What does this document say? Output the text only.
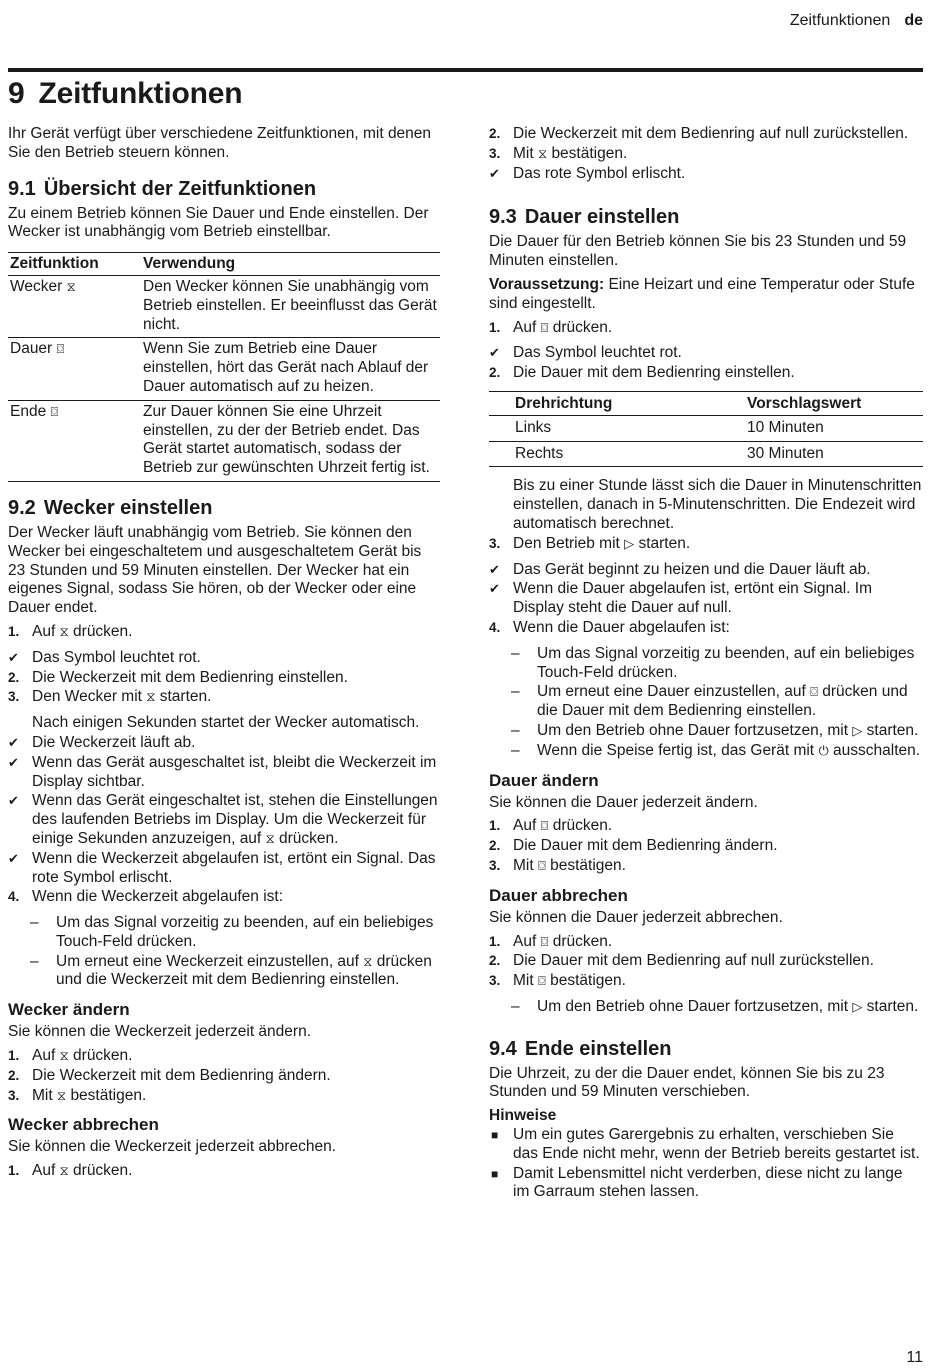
Zeitfunktionen de
9 Zeitfunktionen

Ihr Gerät verfügt über verschiedene Zeitfunktionen, mit denen Sie den Betrieb steuern können.

9.1 Übersicht der Zeitfunktionen

Zu einem Betrieb können Sie Dauer und Ende einstellen. Der Wecker ist unabhängig vom Betrieb einstellbar.

Zeitfunktion	Verwendung
Wecker ⧖	Den Wecker können Sie unabhängig vom Betrieb einstellen. Er beeinflusst das Gerät nicht.
Dauer ⌼	Wenn Sie zum Betrieb eine Dauer einstellen, hört das Gerät nach Ablauf der Dauer automatisch auf zu heizen.
Ende ⌼	Zur Dauer können Sie eine Uhrzeit einstellen, zu der der Betrieb endet. Das Gerät startet automatisch, sodass der Betrieb zur gewünschten Uhrzeit fertig ist.
9.2 Wecker einstellen

Der Wecker läuft unabhängig vom Betrieb. Sie können den Wecker bei eingeschaltetem und ausgeschaltetem Gerät bis 23 Stunden und 59 Minuten einstellen. Der Wecker hat ein eigenes Signal, sodass Sie hören, ob der Wecker oder eine Dauer endet.

1. Auf ⧖ drücken.
✔ Das Symbol leuchtet rot.
2. Die Weckerzeit mit dem Bedienring einstellen.
3. Den Wecker mit ⧖ starten.
Nach einigen Sekunden startet der Wecker automatisch.
✔ Die Weckerzeit läuft ab.
✔ Wenn das Gerät ausgeschaltet ist, bleibt die Weckerzeit im Display sichtbar.
✔ Wenn das Gerät eingeschaltet ist, stehen die Einstellungen des laufenden Betriebs im Display. Um die Weckerzeit für einige Sekunden anzuzeigen, auf ⧖ drücken.
✔ Wenn die Weckerzeit abgelaufen ist, ertönt ein Signal. Das rote Symbol erlischt.
4. Wenn die Weckerzeit abgelaufen ist:
– Um das Signal vorzeitig zu beenden, auf ein beliebiges Touch-Feld drücken.
– Um erneut eine Weckerzeit einzustellen, auf ⧖ drücken und die Weckerzeit mit dem Bedienring einstellen.
Wecker ändern

Sie können die Weckerzeit jederzeit ändern.

1. Auf ⧖ drücken.
2. Die Weckerzeit mit dem Bedienring ändern.
3. Mit ⧖ bestätigen.
Wecker abbrechen

Sie können die Weckerzeit jederzeit abbrechen.

1. Auf ⧖ drücken.
2. Die Weckerzeit mit dem Bedienring auf null zurückstellen.
3. Mit ⧖ bestätigen.
✔ Das rote Symbol erlischt.
9.3 Dauer einstellen

Die Dauer für den Betrieb können Sie bis 23 Stunden und 59 Minuten einstellen.

Voraussetzung: Eine Heizart und eine Temperatur oder Stufe sind eingestellt.

1. Auf ⌼ drücken.
✔ Das Symbol leuchtet rot.
2. Die Dauer mit dem Bedienring einstellen.
Drehrichtung	Vorschlagswert
Links	10 Minuten
Rechts	30 Minuten
Bis zu einer Stunde lässt sich die Dauer in Minutenschritten einstellen, danach in 5-Minutenschritten. Die Endezeit wird automatisch berechnet.
3. Den Betrieb mit ▷ starten.
✔ Das Gerät beginnt zu heizen und die Dauer läuft ab.
✔ Wenn die Dauer abgelaufen ist, ertönt ein Signal. Im Display steht die Dauer auf null.
4. Wenn die Dauer abgelaufen ist:
– Um das Signal vorzeitig zu beenden, auf ein beliebiges Touch-Feld drücken.
– Um erneut eine Dauer einzustellen, auf ⌼ drücken und die Dauer mit dem Bedienring einstellen.
– Um den Betrieb ohne Dauer fortzusetzen, mit ▷ starten.
– Wenn die Speise fertig ist, das Gerät mit ⏻ ausschalten.
Dauer ändern

Sie können die Dauer jederzeit ändern.

1. Auf ⌼ drücken.
2. Die Dauer mit dem Bedienring ändern.
3. Mit ⌼ bestätigen.
Dauer abbrechen

Sie können die Dauer jederzeit abbrechen.

1. Auf ⌼ drücken.
2. Die Dauer mit dem Bedienring auf null zurückstellen.
3. Mit ⌼ bestätigen.
– Um den Betrieb ohne Dauer fortzusetzen, mit ▷ starten.
9.4 Ende einstellen

Die Uhrzeit, zu der die Dauer endet, können Sie bis zu 23 Stunden und 59 Minuten verschieben.

Hinweise
■ Um ein gutes Garergebnis zu erhalten, verschieben Sie das Ende nicht mehr, wenn der Betrieb bereits gestartet ist.
■ Damit Lebensmittel nicht verderben, diese nicht zu lange im Garraum stehen lassen.
11
